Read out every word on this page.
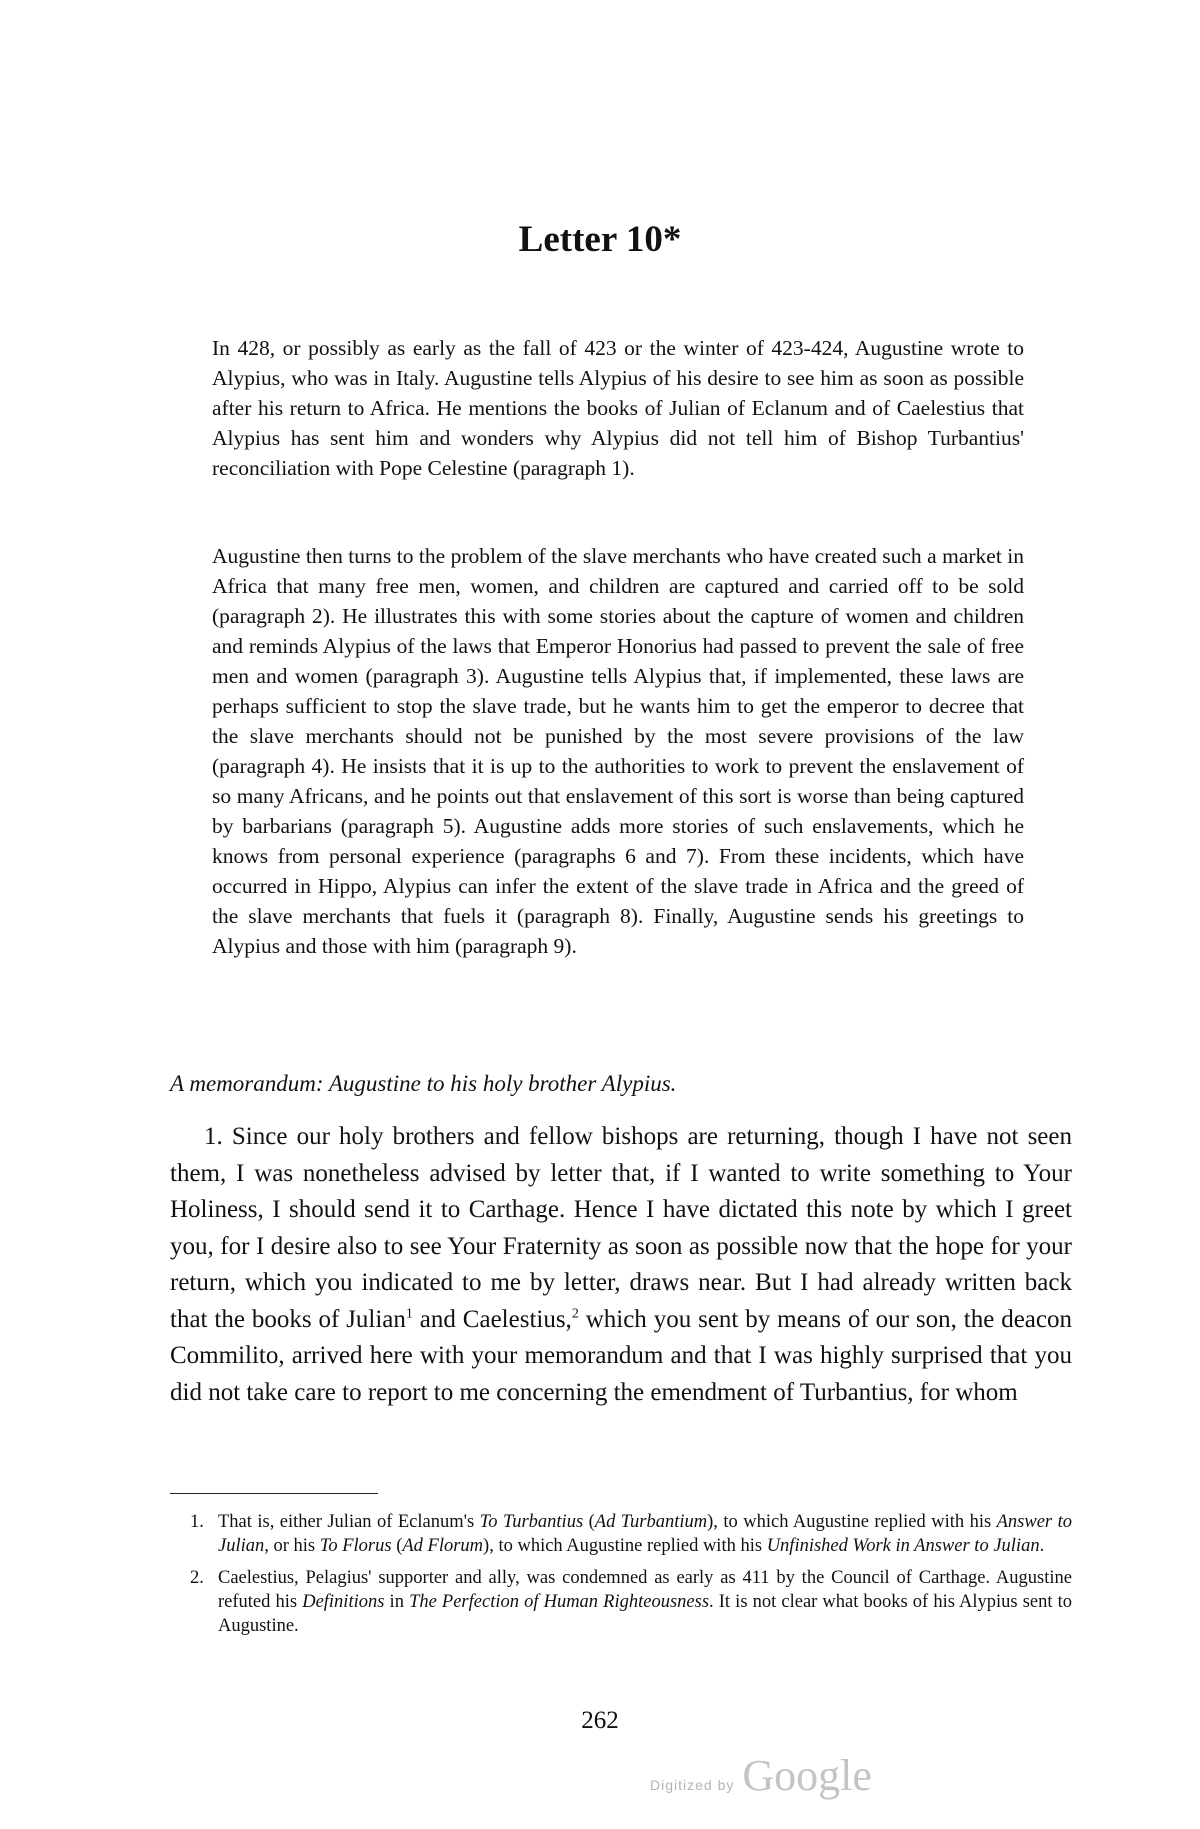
Letter 10*

In 428, or possibly as early as the fall of 423 or the winter of 423-424, Augustine wrote to Alypius, who was in Italy. Augustine tells Alypius of his desire to see him as soon as possible after his return to Africa. He mentions the books of Julian of Eclanum and of Caelestius that Alypius has sent him and wonders why Alypius did not tell him of Bishop Turbantius' reconciliation with Pope Celestine (paragraph 1).

Augustine then turns to the problem of the slave merchants who have created such a market in Africa that many free men, women, and children are captured and carried off to be sold (paragraph 2). He illustrates this with some stories about the capture of women and children and reminds Alypius of the laws that Emperor Honorius had passed to prevent the sale of free men and women (paragraph 3). Augustine tells Alypius that, if implemented, these laws are perhaps sufficient to stop the slave trade, but he wants him to get the emperor to decree that the slave merchants should not be punished by the most severe provisions of the law (paragraph 4). He insists that it is up to the authorities to work to prevent the enslavement of so many Africans, and he points out that enslavement of this sort is worse than being captured by barbarians (paragraph 5). Augustine adds more stories of such enslavements, which he knows from personal experience (paragraphs 6 and 7). From these incidents, which have occurred in Hippo, Alypius can infer the extent of the slave trade in Africa and the greed of the slave merchants that fuels it (paragraph 8). Finally, Augustine sends his greetings to Alypius and those with him (paragraph 9).

A memorandum: Augustine to his holy brother Alypius.

1. Since our holy brothers and fellow bishops are returning, though I have not seen them, I was nonetheless advised by letter that, if I wanted to write something to Your Holiness, I should send it to Carthage. Hence I have dictated this note by which I greet you, for I desire also to see Your Fraternity as soon as possible now that the hope for your return, which you indicated to me by letter, draws near. But I had already written back that the books of Julian$^1$ and Caelestius,$^2$ which you sent by means of our son, the deacon Commilito, arrived here with your memorandum and that I was highly surprised that you did not take care to report to me concerning the emendment of Turbantius, for whom

1. That is, either Julian of Eclanum's To Turbantius (Ad Turbantium), to which Augustine replied with his Answer to Julian, or his To Florus (Ad Florum), to which Augustine replied with his Unfinished Work in Answer to Julian.
2. Caelestius, Pelagius' supporter and ally, was condemned as early as 411 by the Council of Carthage. Augustine refuted his Definitions in The Perfection of Human Righteousness. It is not clear what books of his Alypius sent to Augustine.

262

Digitized by Google
